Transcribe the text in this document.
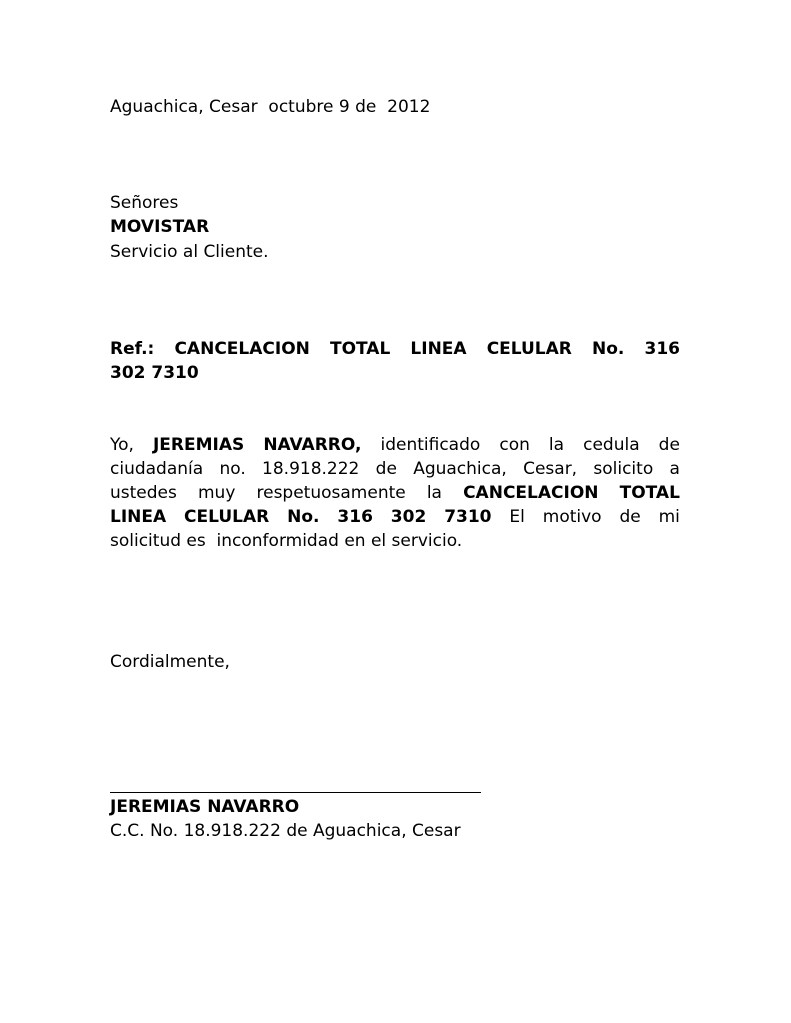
Aguachica, Cesar  octubre 9 de  2012

Señores

MOVISTAR

Servicio al Cliente.

Ref.: CANCELACION TOTAL LINEA CELULAR No. 316
302 7310
Yo, JEREMIAS NAVARRO, identificado con la cedula de
ciudadanía no. 18.918.222 de Aguachica, Cesar, solicito a
ustedes muy respetuosamente la CANCELACION TOTAL
LINEA CELULAR No. 316 302 7310 El motivo de mi
solicitud es  inconformidad en el servicio.

Cordialmente,

JEREMIAS NAVARRO

C.C. No. 18.918.222 de Aguachica, Cesar
